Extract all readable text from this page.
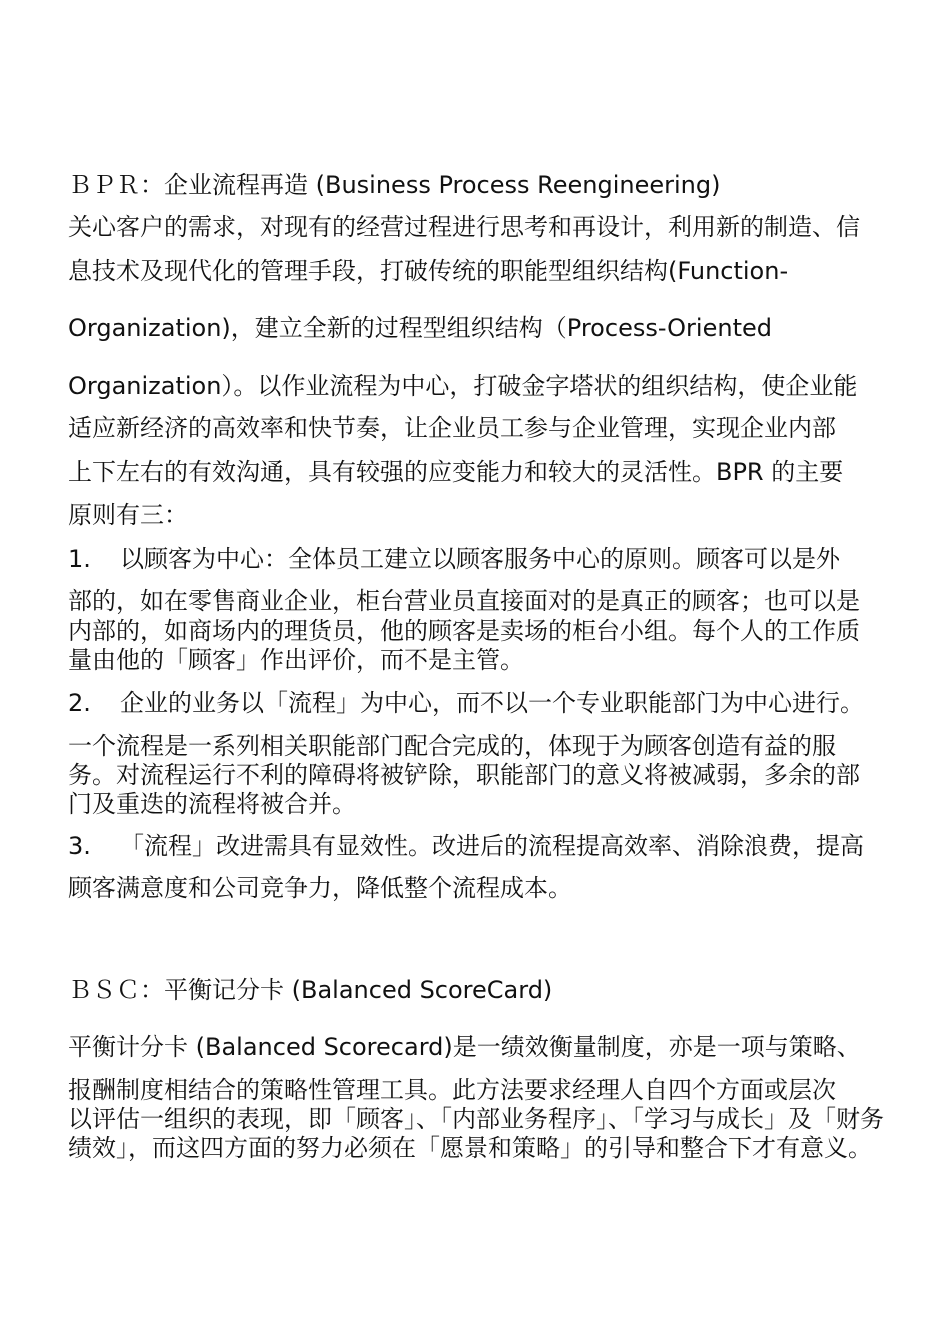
ＢＰＲ：企业流程再造 (Business Process Reengineering)
关心客户的需求，对现有的经营过程进行思考和再设计，利用新的制造、信
息技术及现代化的管理手段，打破传统的职能型组织结构(Function-
Organization)，建立全新的过程型组织结构（Process-Oriented
Organization）。以作业流程为中心，打破金字塔状的组织结构，使企业能
适应新经济的高效率和快节奏，让企业员工参与企业管理，实现企业内部
上下左右的有效沟通，具有较强的应变能力和较大的灵活性。BPR 的主要
原则有三：
1. 以顾客为中心：全体员工建立以顾客服务中心的原则。顾客可以是外
部的，如在零售商业企业，柜台营业员直接面对的是真正的顾客；也可以是
内部的，如商场内的理货员，他的顾客是卖场的柜台小组。每个人的工作质
量由他的「顾客」作出评价，而不是主管。
2. 企业的业务以「流程」为中心，而不以一个专业职能部门为中心进行。
一个流程是一系列相关职能部门配合完成的，体现于为顾客创造有益的服
务。对流程运行不利的障碍将被铲除，职能部门的意义将被减弱，多余的部
门及重迭的流程将被合并。
3. 「流程」改进需具有显效性。改进后的流程提高效率、消除浪费，提高
顾客满意度和公司竞争力，降低整个流程成本。
ＢＳＣ：平衡记分卡 (Balanced ScoreCard)
平衡计分卡 (Balanced Scorecard)是一绩效衡量制度，亦是一项与策略、
报酬制度相结合的策略性管理工具。此方法要求经理人自四个方面或层次
以评估一组织的表现，即「顾客」、「内部业务程序」、「学习与成长」及「财务
绩效」，而这四方面的努力必须在「愿景和策略」的引导和整合下才有意义。
